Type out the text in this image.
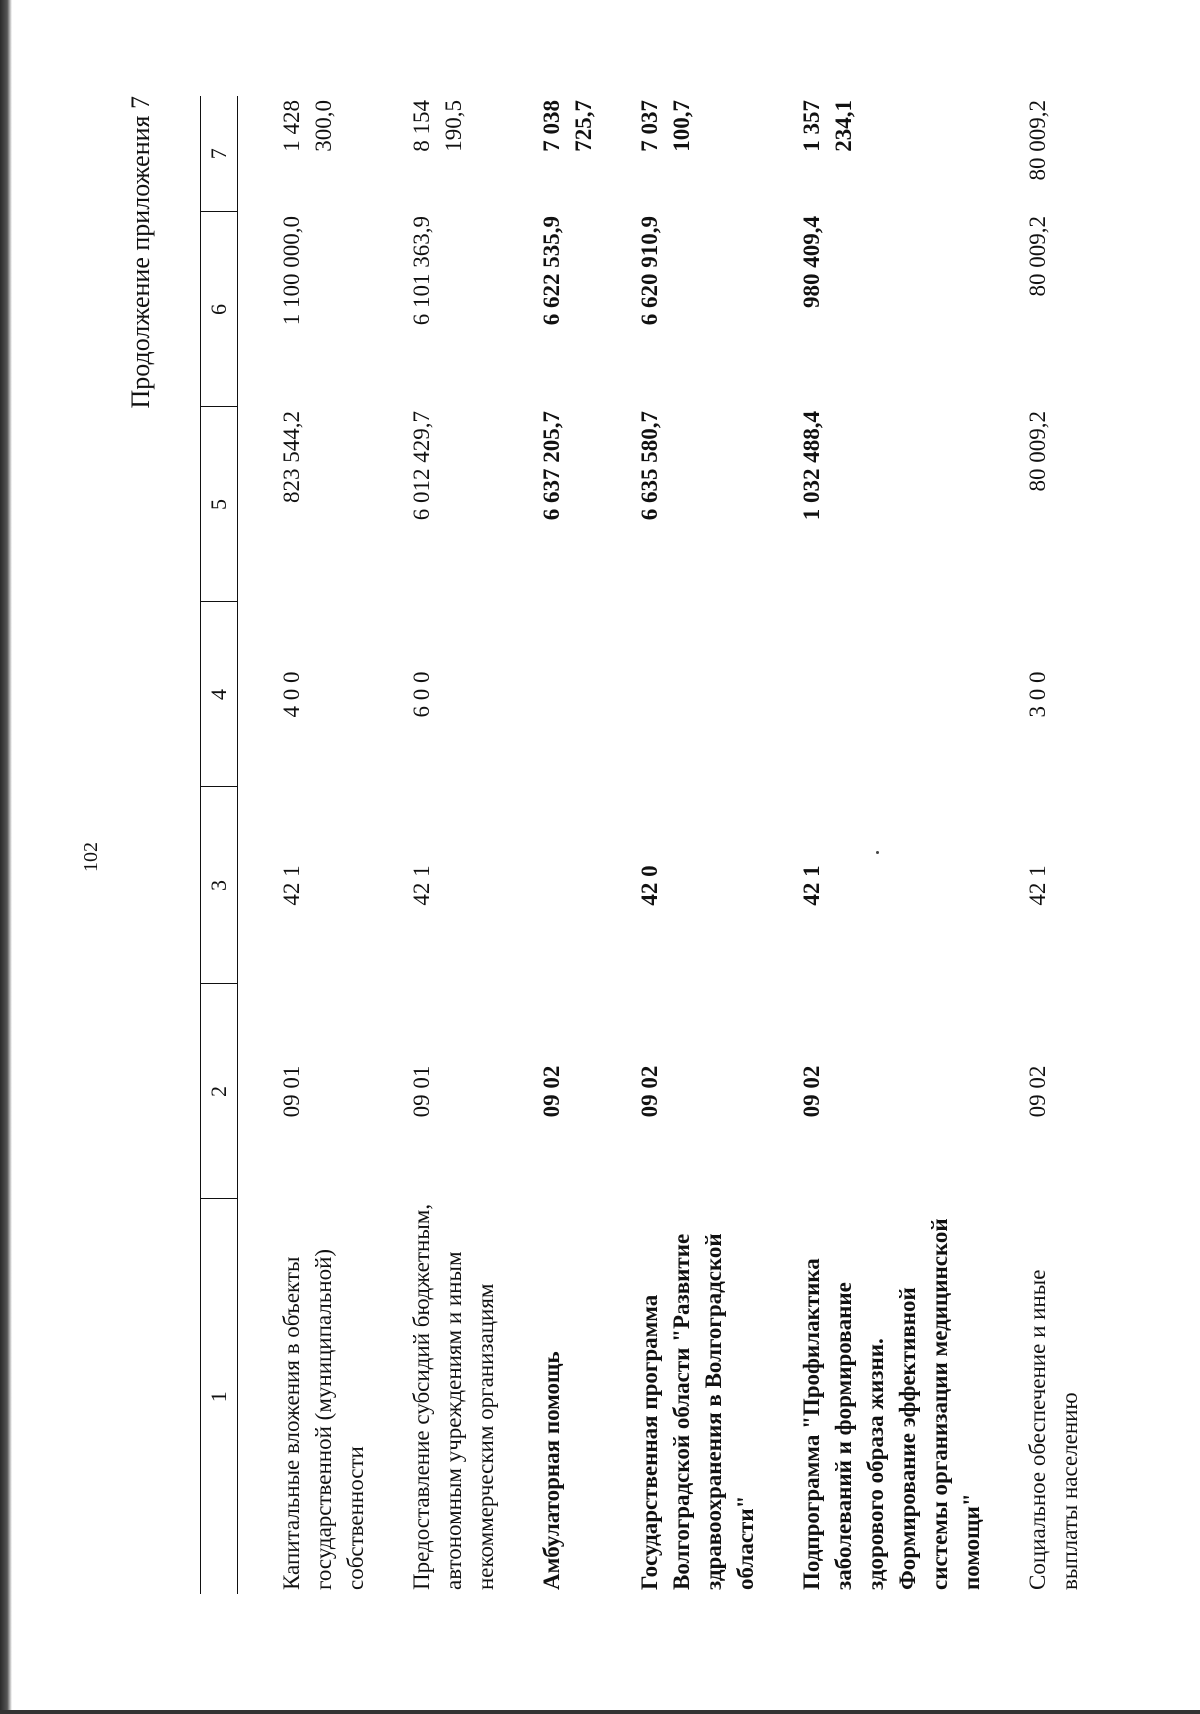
102
Продолжение приложения 7
1	2	3	4	5	6	7
Капитальные вложения в объекты государственной (муниципальной) собственности	09 01	42 1	4 0 0	823 544,2	1 100 000,0	1 428 300,0
Предоставление субсидий бюджетным, автономным учреждениям и иным некоммерческим организациям	09 01	42 1	6 0 0	6 012 429,7	6 101 363,9	8 154 190,5
Амбулаторная помощь	09 02			6 637 205,7	6 622 535,9	7 038 725,7
Государственная программа Волгоградской области "Развитие здравоохранения в Волгоградской области"	09 02	42 0		6 635 580,7	6 620 910,9	7 037 100,7
Подпрограмма "Профилактика заболеваний и формирование здорового образа жизни. Формирование эффективной системы организации медицинской помощи"	09 02	42 1		1 032 488,4	980 409,4	1 357 234,1
Социальное обеспечение и иные выплаты населению	09 02	42 1	3 0 0	80 009,2	80 009,2	80 009,2
